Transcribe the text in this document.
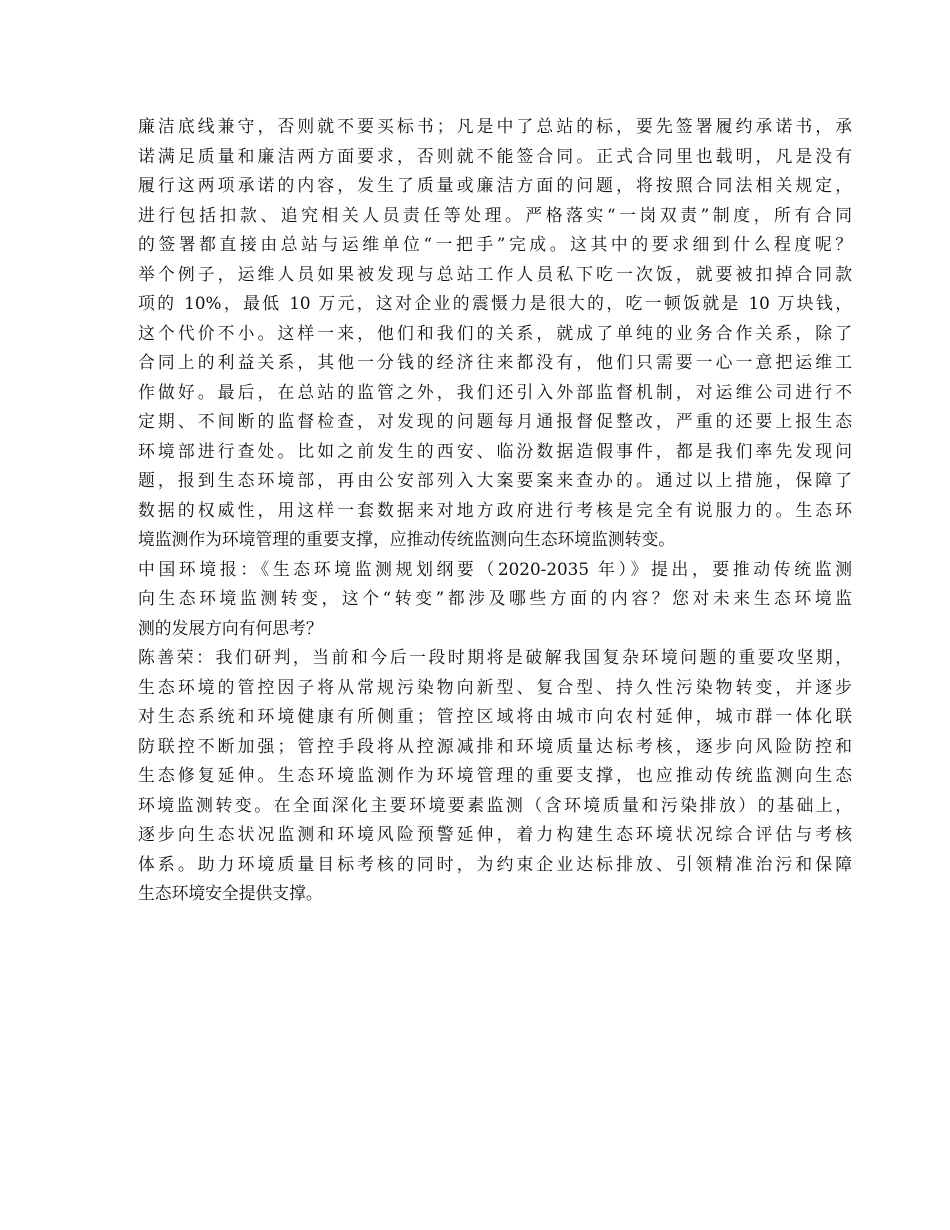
廉洁底线兼守，否则就不要买标书；凡是中了总站的标，要先签署履约承诺书，承
诺满足质量和廉洁两方面要求，否则就不能签合同。正式合同里也载明，凡是没有
履行这两项承诺的内容，发生了质量或廉洁方面的问题，将按照合同法相关规定，
进行包括扣款、追究相关人员责任等处理。严格落实“一岗双责”制度，所有合同
的签署都直接由总站与运维单位“一把手”完成。这其中的要求细到什么程度呢？
举个例子，运维人员如果被发现与总站工作人员私下吃一次饭，就要被扣掉合同款
项的 10%，最低 10 万元，这对企业的震慑力是很大的，吃一顿饭就是 10 万块钱，
这个代价不小。这样一来，他们和我们的关系，就成了单纯的业务合作关系，除了
合同上的利益关系，其他一分钱的经济往来都没有，他们只需要一心一意把运维工
作做好。最后，在总站的监管之外，我们还引入外部监督机制，对运维公司进行不
定期、不间断的监督检查，对发现的问题每月通报督促整改，严重的还要上报生态
环境部进行查处。比如之前发生的西安、临汾数据造假事件，都是我们率先发现问
题，报到生态环境部，再由公安部列入大案要案来查办的。通过以上措施，保障了
数据的权威性，用这样一套数据来对地方政府进行考核是完全有说服力的。生态环
境监测作为环境管理的重要支撑，应推动传统监测向生态环境监测转变。
中国环境报：《生态环境监测规划纲要（2020-2035 年）》提出，要推动传统监测
向生态环境监测转变，这个“转变”都涉及哪些方面的内容？您对未来生态环境监
测的发展方向有何思考？
陈善荣：我们研判，当前和今后一段时期将是破解我国复杂环境问题的重要攻坚期，
生态环境的管控因子将从常规污染物向新型、复合型、持久性污染物转变，并逐步
对生态系统和环境健康有所侧重；管控区域将由城市向农村延伸，城市群一体化联
防联控不断加强；管控手段将从控源减排和环境质量达标考核，逐步向风险防控和
生态修复延伸。生态环境监测作为环境管理的重要支撑，也应推动传统监测向生态
环境监测转变。在全面深化主要环境要素监测（含环境质量和污染排放）的基础上，
逐步向生态状况监测和环境风险预警延伸，着力构建生态环境状况综合评估与考核
体系。助力环境质量目标考核的同时，为约束企业达标排放、引领精准治污和保障
生态环境安全提供支撑。
